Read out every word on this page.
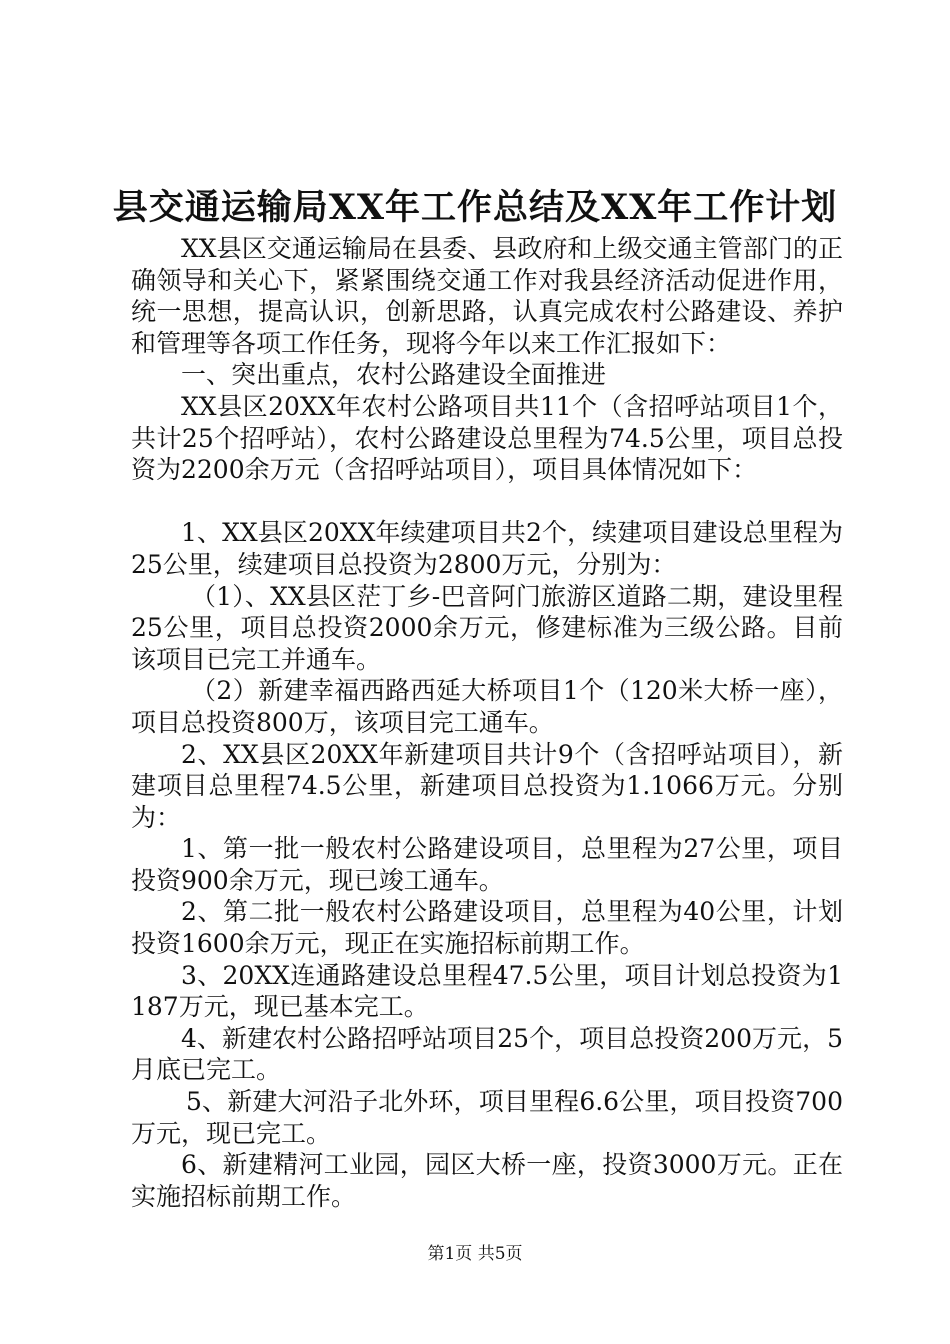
县交通运输局XX年工作总结及XX年工作计划

XX县区交通运输局在县委、县政府和上级交通主管部门的正确领导和关心下，紧紧围绕交通工作对我县经济活动促进作用，统一思想，提高认识，创新思路，认真完成农村公路建设、养护和管理等各项工作任务，现将今年以来工作汇报如下：

一、突出重点，农村公路建设全面推进

XX县区20XX年农村公路项目共11个（含招呼站项目1个，共计25个招呼站），农村公路建设总里程为74.5公里，项目总投资为2200余万元（含招呼站项目），项目具体情况如下：

1、XX县区20XX年续建项目共2个，续建项目建设总里程为25公里，续建项目总投资为2800万元，分别为：

（1）、XX县区茫丁乡-巴音阿门旅游区道路二期，建设里程25公里，项目总投资2000余万元，修建标准为三级公路。目前该项目已完工并通车。

（2）新建幸福西路西延大桥项目1个（120米大桥一座），项目总投资800万，该项目完工通车。

2、XX县区20XX年新建项目共计9个（含招呼站项目），新建项目总里程74.5公里，新建项目总投资为1.1066万元。分别为：

1、第一批一般农村公路建设项目，总里程为27公里，项目投资900余万元，现已竣工通车。

2、第二批一般农村公路建设项目，总里程为40公里，计划投资1600余万元，现正在实施招标前期工作。

3、20XX连通路建设总里程47.5公里，项目计划总投资为1187万元，现已基本完工。

4、新建农村公路招呼站项目25个，项目总投资200万元，5月底已完工。

5、新建大河沿子北外环，项目里程6.6公里，项目投资700万元，现已完工。

6、新建精河工业园，园区大桥一座，投资3000万元。正在实施招标前期工作。

第1页 共5页
